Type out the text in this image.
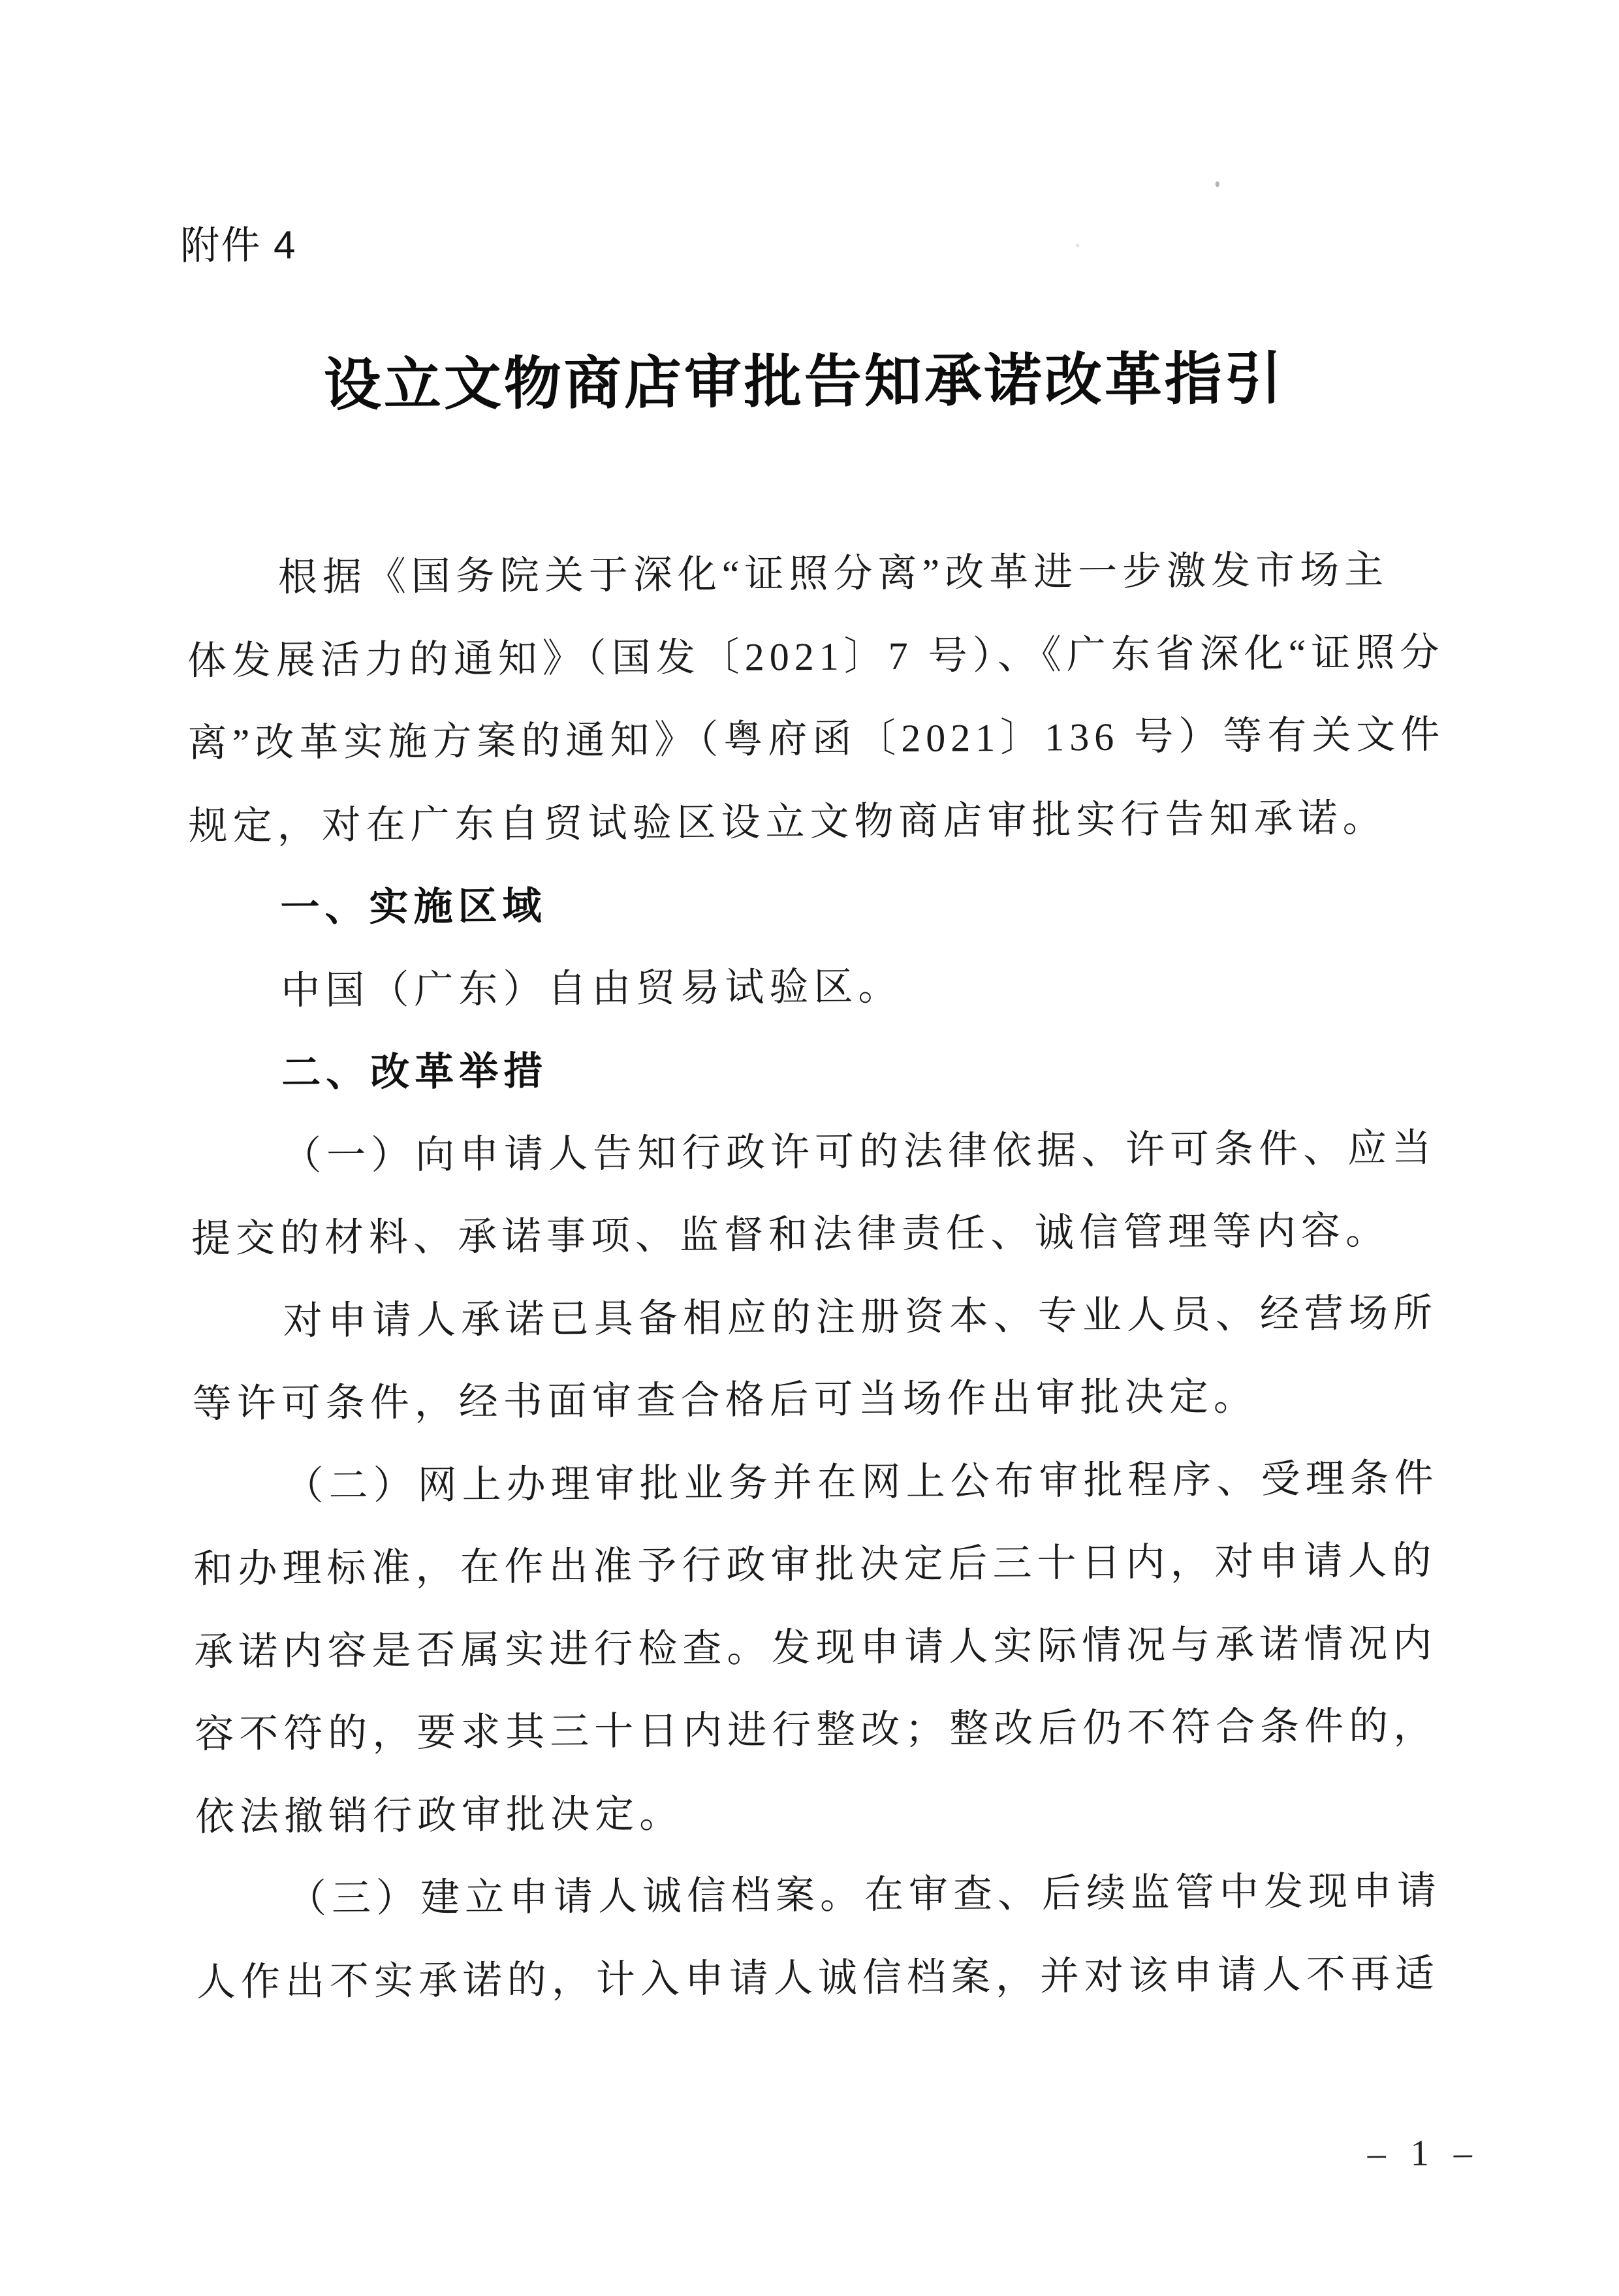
附件 4
设立文物商店审批告知承诺改革指引
根据《国务院关于深化“证照分离”改革进一步激发市场主
体发展活力的通知》（国发〔2021〕7 号）、《广东省深化“证照分
离”改革实施方案的通知》（粤府函〔2021〕136 号）等有关文件
规定，对在广东自贸试验区设立文物商店审批实行告知承诺。
一、实施区域
中国（广东）自由贸易试验区。
二、改革举措
（一）向申请人告知行政许可的法律依据、许可条件、应当
提交的材料、承诺事项、监督和法律责任、诚信管理等内容。
对申请人承诺已具备相应的注册资本、专业人员、经营场所
等许可条件，经书面审查合格后可当场作出审批决定。
（二）网上办理审批业务并在网上公布审批程序、受理条件
和办理标准，在作出准予行政审批决定后三十日内，对申请人的
承诺内容是否属实进行检查。发现申请人实际情况与承诺情况内
容不符的，要求其三十日内进行整改；整改后仍不符合条件的，
依法撤销行政审批决定。
（三）建立申请人诚信档案。在审查、后续监管中发现申请
人作出不实承诺的，计入申请人诚信档案，并对该申请人不再适
– 1 –
